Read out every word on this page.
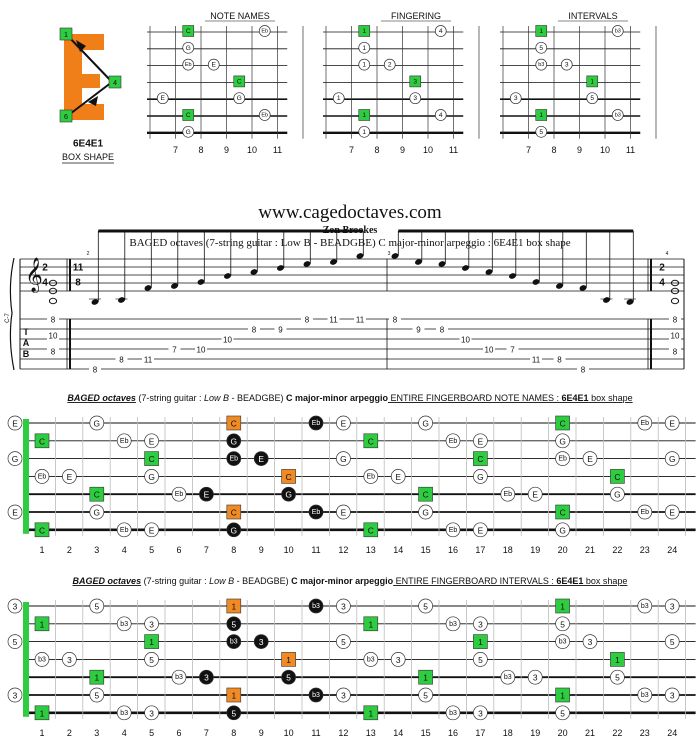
1
4
6
6E4E1
BOX SHAPE
NOTE NAMES
7 8 9 10 11
C	Eb
G
Eb	E
C
E	G
C	Eb
G
FINGERING
7 8 9 10 11
1	4
1
1	2
3
1	3
1	4
1
INTERVALS
7 8 9 10 11
1	b3
5
b3	3
1
3	5
1	b3
5
𝄞 2
4
11
8
2
4
C-7
T
A
B
2	3	4
8
10
8
8
8	11
7 10
10
8	9
8	11 11	8
9 8
10
10 7
11 8
8
8
10
8
BAGED octaves (7-string guitar : Low B - BEADGBE) C major-minor arpeggio ENTIRE FINGERBOARD NOTE NAMES : 6E4E1 box shape
E
G
E
G	C	Eb E	G	C	Eb E
C	Eb E	G	C	Eb E	G
C	Eb E	G	C	Eb E	G
Eb E	G	C	Eb E	G	C
C	Eb E	G	C	Eb E	G
G	C	Eb E	G	C	Eb E
C	Eb E	G	C	Eb E	G
1 2 3 4 5 6 7 8 9 10 11 12 13 14 15 16 17 18 19 20 21 22 23 24
BAGED octaves (7-string guitar : Low B - BEADGBE) C major-minor arpeggio ENTIRE FINGERBOARD INTERVALS : 6E4E1 box shape
3
5
3
5	1	b3	3	5	1	b3	3
1	b3	3	5	1	b3	3	5
1	b3	3	5	1	b3	3	5
b3	3	5	1	b3	3	5	1
1	b3	3	5	1	b3	3	5
5	1	b3	3	5	1	b3	3
1	b3	3	5	1	b3	3	5
1 2 3 4 5 6 7 8 9 10 11 12 13 14 15 16 17 18 19 20 21 22 23 24
www.cagedoctaves.com
Zon Brookes
BAGED octaves (7-string guitar : Low B - BEADGBE) C major-minor arpeggio : 6E4E1 box shape
